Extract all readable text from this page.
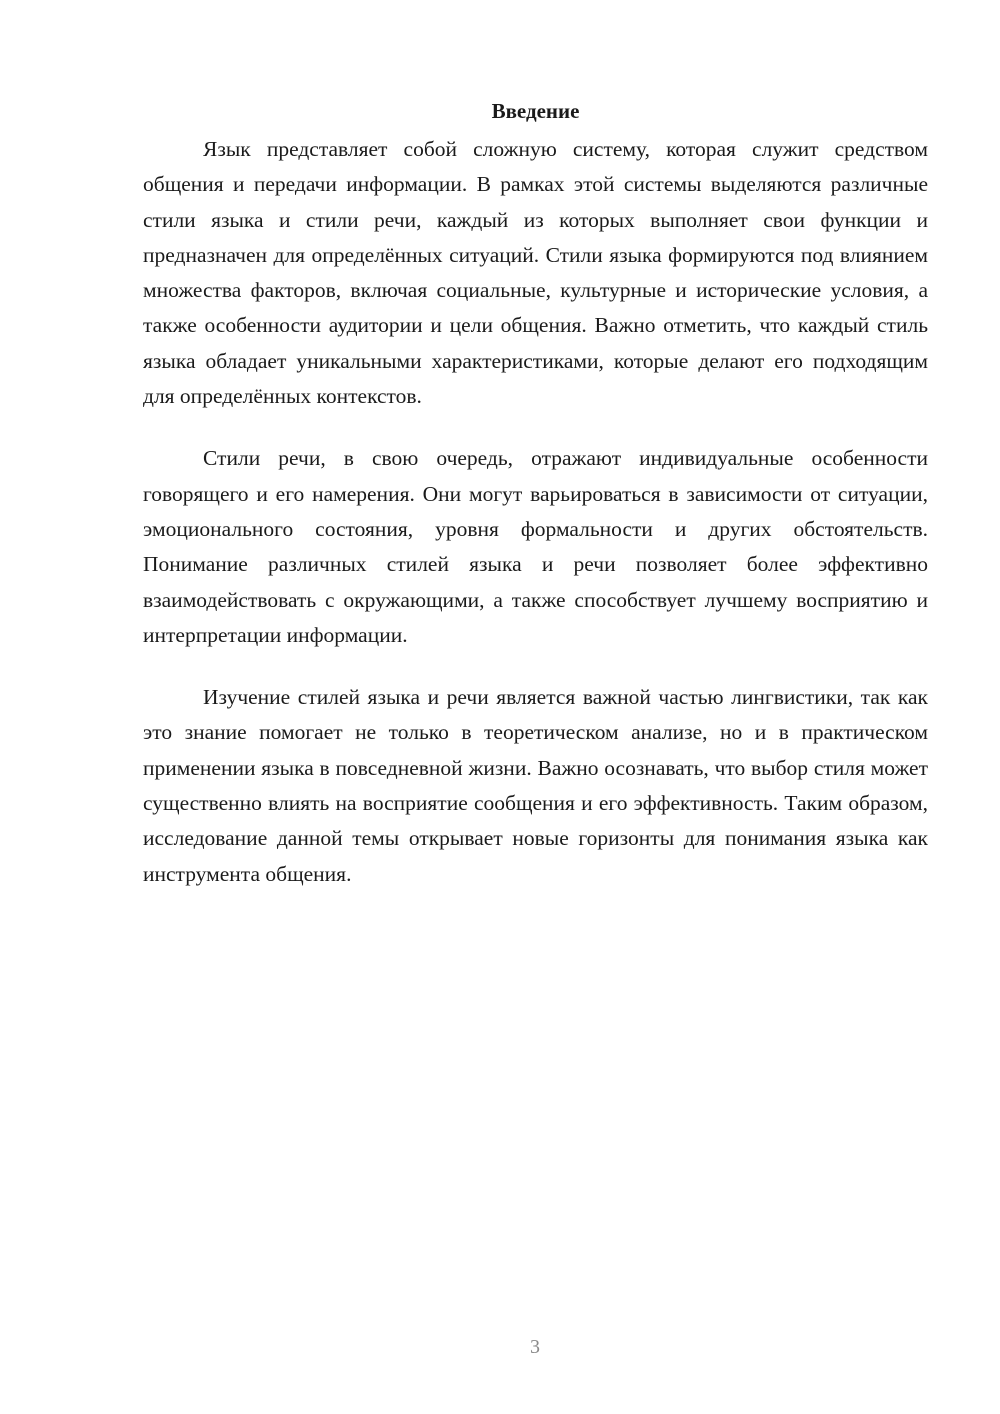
Введение

Язык представляет собой сложную систему, которая служит средством общения и передачи информации. В рамках этой системы выделяются различные стили языка и стили речи, каждый из которых выполняет свои функции и предназначен для определённых ситуаций. Стили языка формируются под влиянием множества факторов, включая социальные, культурные и исторические условия, а также особенности аудитории и цели общения. Важно отметить, что каждый стиль языка обладает уникальными характеристиками, которые делают его подходящим для определённых контекстов.

Стили речи, в свою очередь, отражают индивидуальные особенности говорящего и его намерения. Они могут варьироваться в зависимости от ситуации, эмоционального состояния, уровня формальности и других обстоятельств. Понимание различных стилей языка и речи позволяет более эффективно взаимодействовать с окружающими, а также способствует лучшему восприятию и интерпретации информации.

Изучение стилей языка и речи является важной частью лингвистики, так как это знание помогает не только в теоретическом анализе, но и в практическом применении языка в повседневной жизни. Важно осознавать, что выбор стиля может существенно влиять на восприятие сообщения и его эффективность. Таким образом, исследование данной темы открывает новые горизонты для понимания языка как инструмента общения.

3
